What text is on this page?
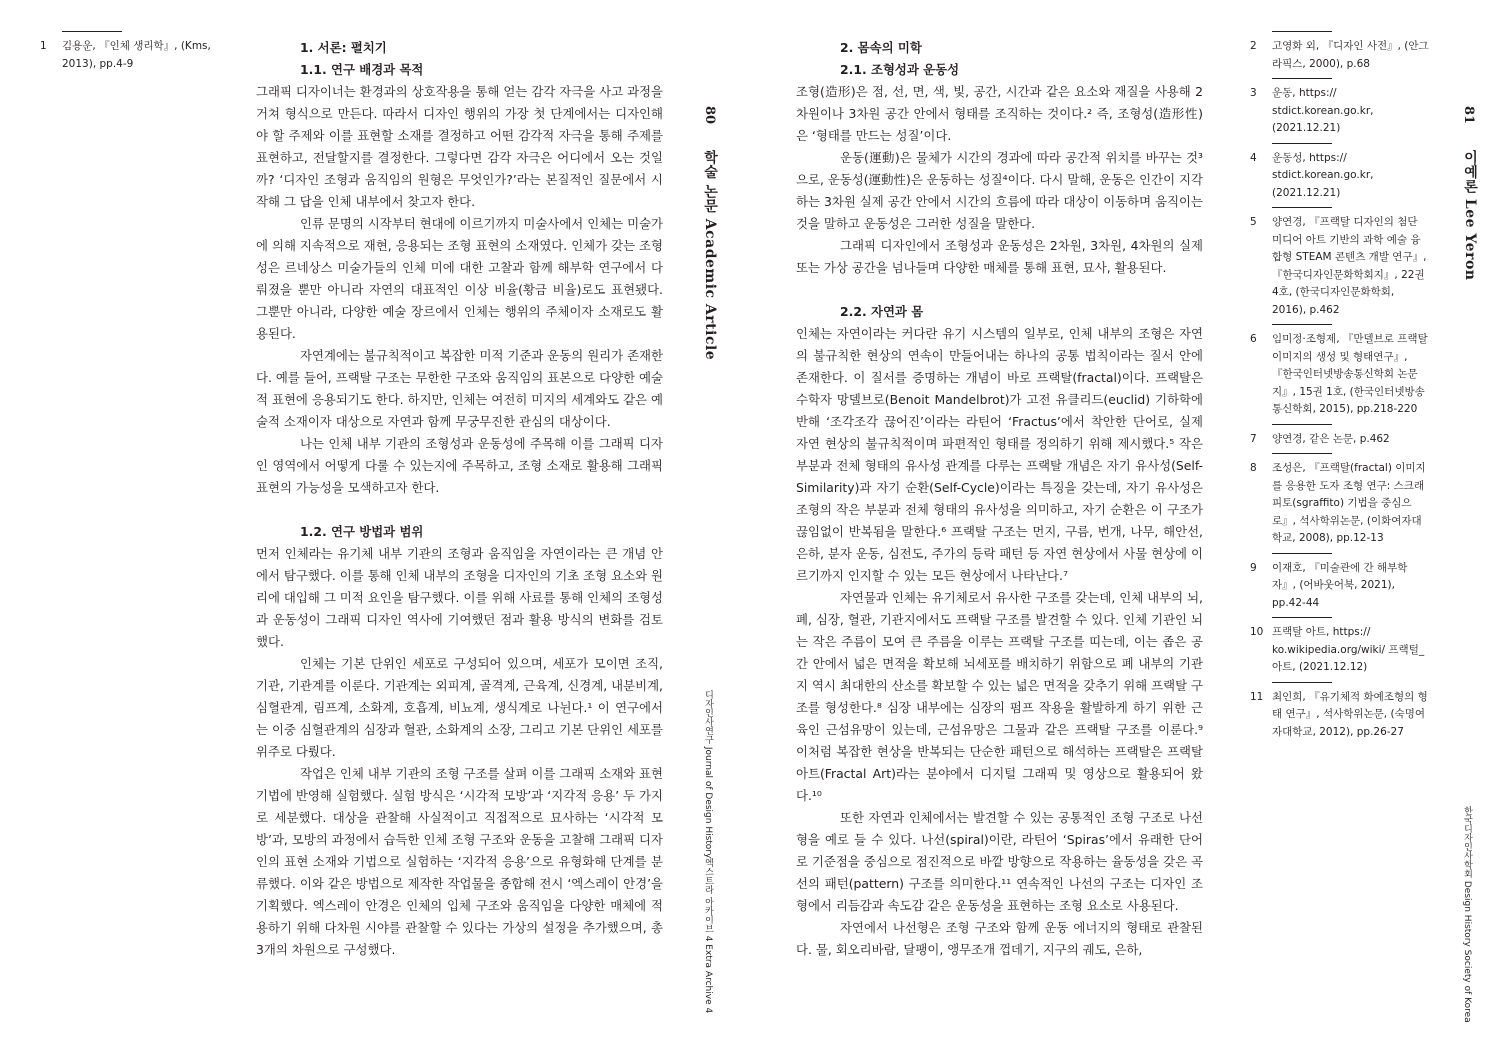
1 김용운, 『인체 생리학』, (Kms, 2013), pp.4-9
1. 서론: 펼치기
1.1. 연구 배경과 목적

그래픽 디자이너는 환경과의 상호작용을 통해 얻는 감각 자극을 사고 과정을 거쳐 형식으로 만든다. 따라서 디자인 행위의 가장 첫 단계에서는 디자인해야 할 주제와 이를 표현할 소재를 결정하고 어떤 감각적 자극을 통해 주제를 표현하고, 전달할지를 결정한다. 그렇다면 감각 자극은 어디에서 오는 것일까? ‘디자인 조형과 움직임의 원형은 무엇인가?’라는 본질적인 질문에서 시작해 그 답을 인체 내부에서 찾고자 한다.

인류 문명의 시작부터 현대에 이르기까지 미술사에서 인체는 미술가에 의해 지속적으로 재현, 응용되는 조형 표현의 소재였다. 인체가 갖는 조형성은 르네상스 미술가들의 인체 미에 대한 고찰과 함께 해부학 연구에서 다뤄졌을 뿐만 아니라 자연의 대표적인 이상 비율(황금 비율)로도 표현됐다. 그뿐만 아니라, 다양한 예술 장르에서 인체는 행위의 주체이자 소재로도 활용된다.

자연계에는 불규칙적이고 복잡한 미적 기준과 운동의 원리가 존재한다. 예를 들어, 프랙탈 구조는 무한한 구조와 움직임의 표본으로 다양한 예술적 표현에 응용되기도 한다. 하지만, 인체는 여전히 미지의 세계와도 같은 예술적 소재이자 대상으로 자연과 함께 무궁무진한 관심의 대상이다.

나는 인체 내부 기관의 조형성과 운동성에 주목해 이를 그래픽 디자인 영역에서 어떻게 다룰 수 있는지에 주목하고, 조형 소재로 활용해 그래픽 표현의 가능성을 모색하고자 한다.

1.2. 연구 방법과 범위

먼저 인체라는 유기체 내부 기관의 조형과 움직임을 자연이라는 큰 개념 안에서 탐구했다. 이를 통해 인체 내부의 조형을 디자인의 기초 조형 요소와 원리에 대입해 그 미적 요인을 탐구했다. 이를 위해 사료를 통해 인체의 조형성과 운동성이 그래픽 디자인 역사에 기여했던 점과 활용 방식의 변화를 검토했다.

인체는 기본 단위인 세포로 구성되어 있으며, 세포가 모이면 조직, 기관, 기관계를 이룬다. 기관계는 외피계, 골격계, 근육계, 신경계, 내분비계, 심혈관계, 림프계, 소화계, 호흡계, 비뇨계, 생식계로 나뉜다.¹ 이 연구에서는 이중 심혈관계의 심장과 혈관, 소화계의 소장, 그리고 기본 단위인 세포를 위주로 다뤘다.

작업은 인체 내부 기관의 조형 구조를 살펴 이를 그래픽 소재와 표현 기법에 반영해 실험했다. 실험 방식은 ‘시각적 모방’과 ‘지각적 응용’ 두 가지로 세분했다. 대상을 관찰해 사실적이고 직접적으로 묘사하는 ‘시각적 모방’과, 모방의 과정에서 습득한 인체 조형 구조와 운동을 고찰해 그래픽 디자인의 표현 소재와 기법으로 실험하는 ‘지각적 응용’으로 유형화해 단계를 분류했다. 이와 같은 방법으로 제작한 작업물을 종합해 전시 ‘엑스레이 안경’을 기획했다. 엑스레이 안경은 인체의 입체 구조와 움직임을 다양한 매체에 적용하기 위해 다차원 시야를 관찰할 수 있다는 가상의 설정을 추가했으며, 총 3개의 차원으로 구성했다.

80
학술 논문 Academic Article
디자인사연구 Journal of Design History
엑스트라 아카이브 4 Extra Archive 4
2. 몸속의 미학
2.1. 조형성과 운동성

조형(造形)은 점, 선, 면, 색, 빛, 공간, 시간과 같은 요소와 재질을 사용해 2차원이나 3차원 공간 안에서 형태를 조직하는 것이다.² 즉, 조형성(造形性)은 ‘형태를 만드는 성질’이다.

운동(運動)은 물체가 시간의 경과에 따라 공간적 위치를 바꾸는 것³으로, 운동성(運動性)은 운동하는 성질⁴이다. 다시 말해, 운동은 인간이 지각하는 3차원 실제 공간 안에서 시간의 흐름에 따라 대상이 이동하며 움직이는 것을 말하고 운동성은 그러한 성질을 말한다.

그래픽 디자인에서 조형성과 운동성은 2차원, 3차원, 4차원의 실제 또는 가상 공간을 넘나들며 다양한 매체를 통해 표현, 묘사, 활용된다.

2.2. 자연과 몸

인체는 자연이라는 커다란 유기 시스템의 일부로, 인체 내부의 조형은 자연의 불규칙한 현상의 연속이 만들어내는 하나의 공통 법칙이라는 질서 안에 존재한다. 이 질서를 증명하는 개념이 바로 프랙탈(fractal)이다. 프랙탈은 수학자 망델브로(Benoit Mandelbrot)가 고전 유클리드(euclid) 기하학에 반해 ‘조각조각 끊어진’이라는 라틴어 ‘Fractus’에서 착안한 단어로, 실제 자연 현상의 불규칙적이며 파편적인 형태를 정의하기 위해 제시했다.⁵ 작은 부분과 전체 형태의 유사성 관계를 다루는 프랙탈 개념은 자기 유사성(Self-Similarity)과 자기 순환(Self-Cycle)이라는 특징을 갖는데, 자기 유사성은 조형의 작은 부분과 전체 형태의 유사성을 의미하고, 자기 순환은 이 구조가 끊임없이 반복됨을 말한다.⁶ 프랙탈 구조는 먼지, 구름, 번개, 나무, 해안선, 은하, 분자 운동, 심전도, 주가의 등락 패턴 등 자연 현상에서 사물 현상에 이르기까지 인지할 수 있는 모든 현상에서 나타난다.⁷

자연물과 인체는 유기체로서 유사한 구조를 갖는데, 인체 내부의 뇌, 폐, 심장, 혈관, 기관지에서도 프랙탈 구조를 발견할 수 있다. 인체 기관인 뇌는 작은 주름이 모여 큰 주름을 이루는 프랙탈 구조를 띠는데, 이는 좁은 공간 안에서 넓은 면적을 확보해 뇌세포를 배치하기 위함으로 폐 내부의 기관지 역시 최대한의 산소를 확보할 수 있는 넓은 면적을 갖추기 위해 프랙탈 구조를 형성한다.⁸ 심장 내부에는 심장의 펌프 작용을 활발하게 하기 위한 근육인 근섬유망이 있는데, 근섬유망은 그물과 같은 프랙탈 구조를 이룬다.⁹ 이처럼 복잡한 현상을 반복되는 단순한 패턴으로 해석하는 프랙탈은 프랙탈 아트(Fractal Art)라는 분야에서 디지털 그래픽 및 영상으로 활용되어 왔다.¹⁰

또한 자연과 인체에서는 발견할 수 있는 공통적인 조형 구조로 나선형을 예로 들 수 있다. 나선(spiral)이란, 라틴어 ‘Spiras’에서 유래한 단어로 기준점을 중심으로 점진적으로 바깥 방향으로 작용하는 율동성을 갖은 곡선의 패턴(pattern) 구조를 의미한다.¹¹ 연속적인 나선의 구조는 디자인 조형에서 리듬감과 속도감 같은 운동성을 표현하는 조형 요소로 사용된다.

자연에서 나선형은 조형 구조와 함께 운동 에너지의 형태로 관찰된다. 물, 회오리바람, 달팽이, 앵무조개 껍데기, 지구의 궤도, 은하,

2 고영화 외, 『디자인 사전』, (안그라픽스, 2000), p.68
3 운동, https:// stdict.korean.go.kr, (2021.12.21)
4 운동성, https:// stdict.korean.go.kr, (2021.12.21)
5 양연경, 『프랙탈 디자인의 첨단 미디어 아트 기반의 과학 예술 융합형 STEAM 콘텐츠 개발 연구』, 『한국디자인문화학회지』, 22권 4호, (한국디자인문화학회, 2016), p.462
6 임미정·조형제, 『만델브로 프랙탈이미지의 생성 및 형태연구』, 『한국인터넷방송통신학회 논문지』, 15권 1호, (한국인터넷방송통신학회, 2015), pp.218-220
7 양연경, 같은 논문, p.462
8 조성은, 『프랙탈(fractal) 이미지를 응용한 도자 조형 연구: 스크래피토(sgraffito) 기법을 중심으로』, 석사학위논문, (이화여자대학교, 2008), pp.12-13
9 이재호, 『미술관에 간 해부학자』, (어바웃어북, 2021), pp.42-44
10 프랙탈 아트, https:// ko.wikipedia.org/wiki/ 프랙털_아트, (2021.12.12)
11 최인희, 『유기체적 화예조형의 형태 연구』, 석사학위논문, (숙명여자대학교, 2012), pp.26-27
81
이예론 Lee Yeron
한국디자인사학회 Design History Society of Korea
